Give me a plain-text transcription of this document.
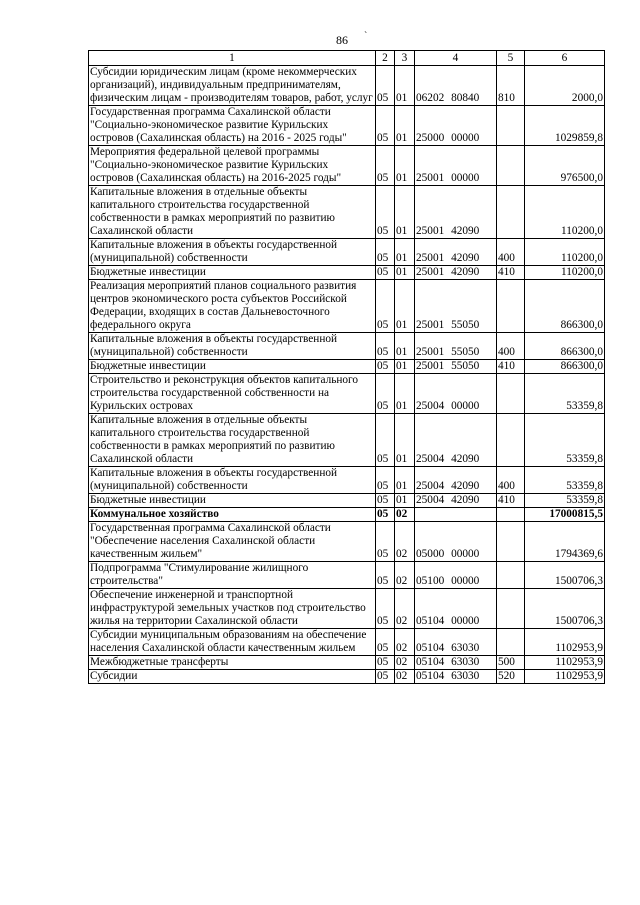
86 `
1	2	3	4	5	6
Субсидии юридическим лицам (кроме некоммерческих организаций), индивидуальным предпринимателям, физическим лицам - производителям товаров, работ, услуг	05	01	06202 80840	810	2000,0
Государственная программа Сахалинской области "Социально-экономическое развитие Курильских островов (Сахалинская область) на 2016 - 2025 годы"	05	01	25000 00000		1029859,8
Мероприятия федеральной целевой программы "Социально-экономическое развитие Курильских островов (Сахалинская область) на 2016-2025 годы"	05	01	25001 00000		976500,0
Капитальные вложения в отдельные объекты капитального строительства государственной собственности в рамках мероприятий по развитию Сахалинской области	05	01	25001 42090		110200,0
Капитальные вложения в объекты государственной (муниципальной) собственности	05	01	25001 42090	400	110200,0
Бюджетные инвестиции	05	01	25001 42090	410	110200,0
Реализация мероприятий планов социального развития центров экономического роста субъектов Российской Федерации, входящих в состав Дальневосточного федерального округа	05	01	25001 55050		866300,0
Капитальные вложения в объекты государственной (муниципальной) собственности	05	01	25001 55050	400	866300,0
Бюджетные инвестиции	05	01	25001 55050	410	866300,0
Строительство и реконструкция объектов капитального строительства государственной собственности на Курильских островах	05	01	25004 00000		53359,8
Капитальные вложения в отдельные объекты капитального строительства государственной собственности в рамках мероприятий по развитию Сахалинской области	05	01	25004 42090		53359,8
Капитальные вложения в объекты государственной (муниципальной) собственности	05	01	25004 42090	400	53359,8
Бюджетные инвестиции	05	01	25004 42090	410	53359,8
Коммунальное хозяйство	05	02			17000815,5
Государственная программа Сахалинской области "Обеспечение населения Сахалинской области качественным жильем"	05	02	05000 00000		1794369,6
Подпрограмма "Стимулирование жилищного строительства"	05	02	05100 00000		1500706,3
Обеспечение инженерной и транспортной инфраструктурой земельных участков под строительство жилья на территории Сахалинской области	05	02	05104 00000		1500706,3
Субсидии муниципальным образованиям на обеспечение населения Сахалинской области качественным жильем	05	02	05104 63030		1102953,9
Межбюджетные трансферты	05	02	05104 63030	500	1102953,9
Субсидии	05	02	05104 63030	520	1102953,9
